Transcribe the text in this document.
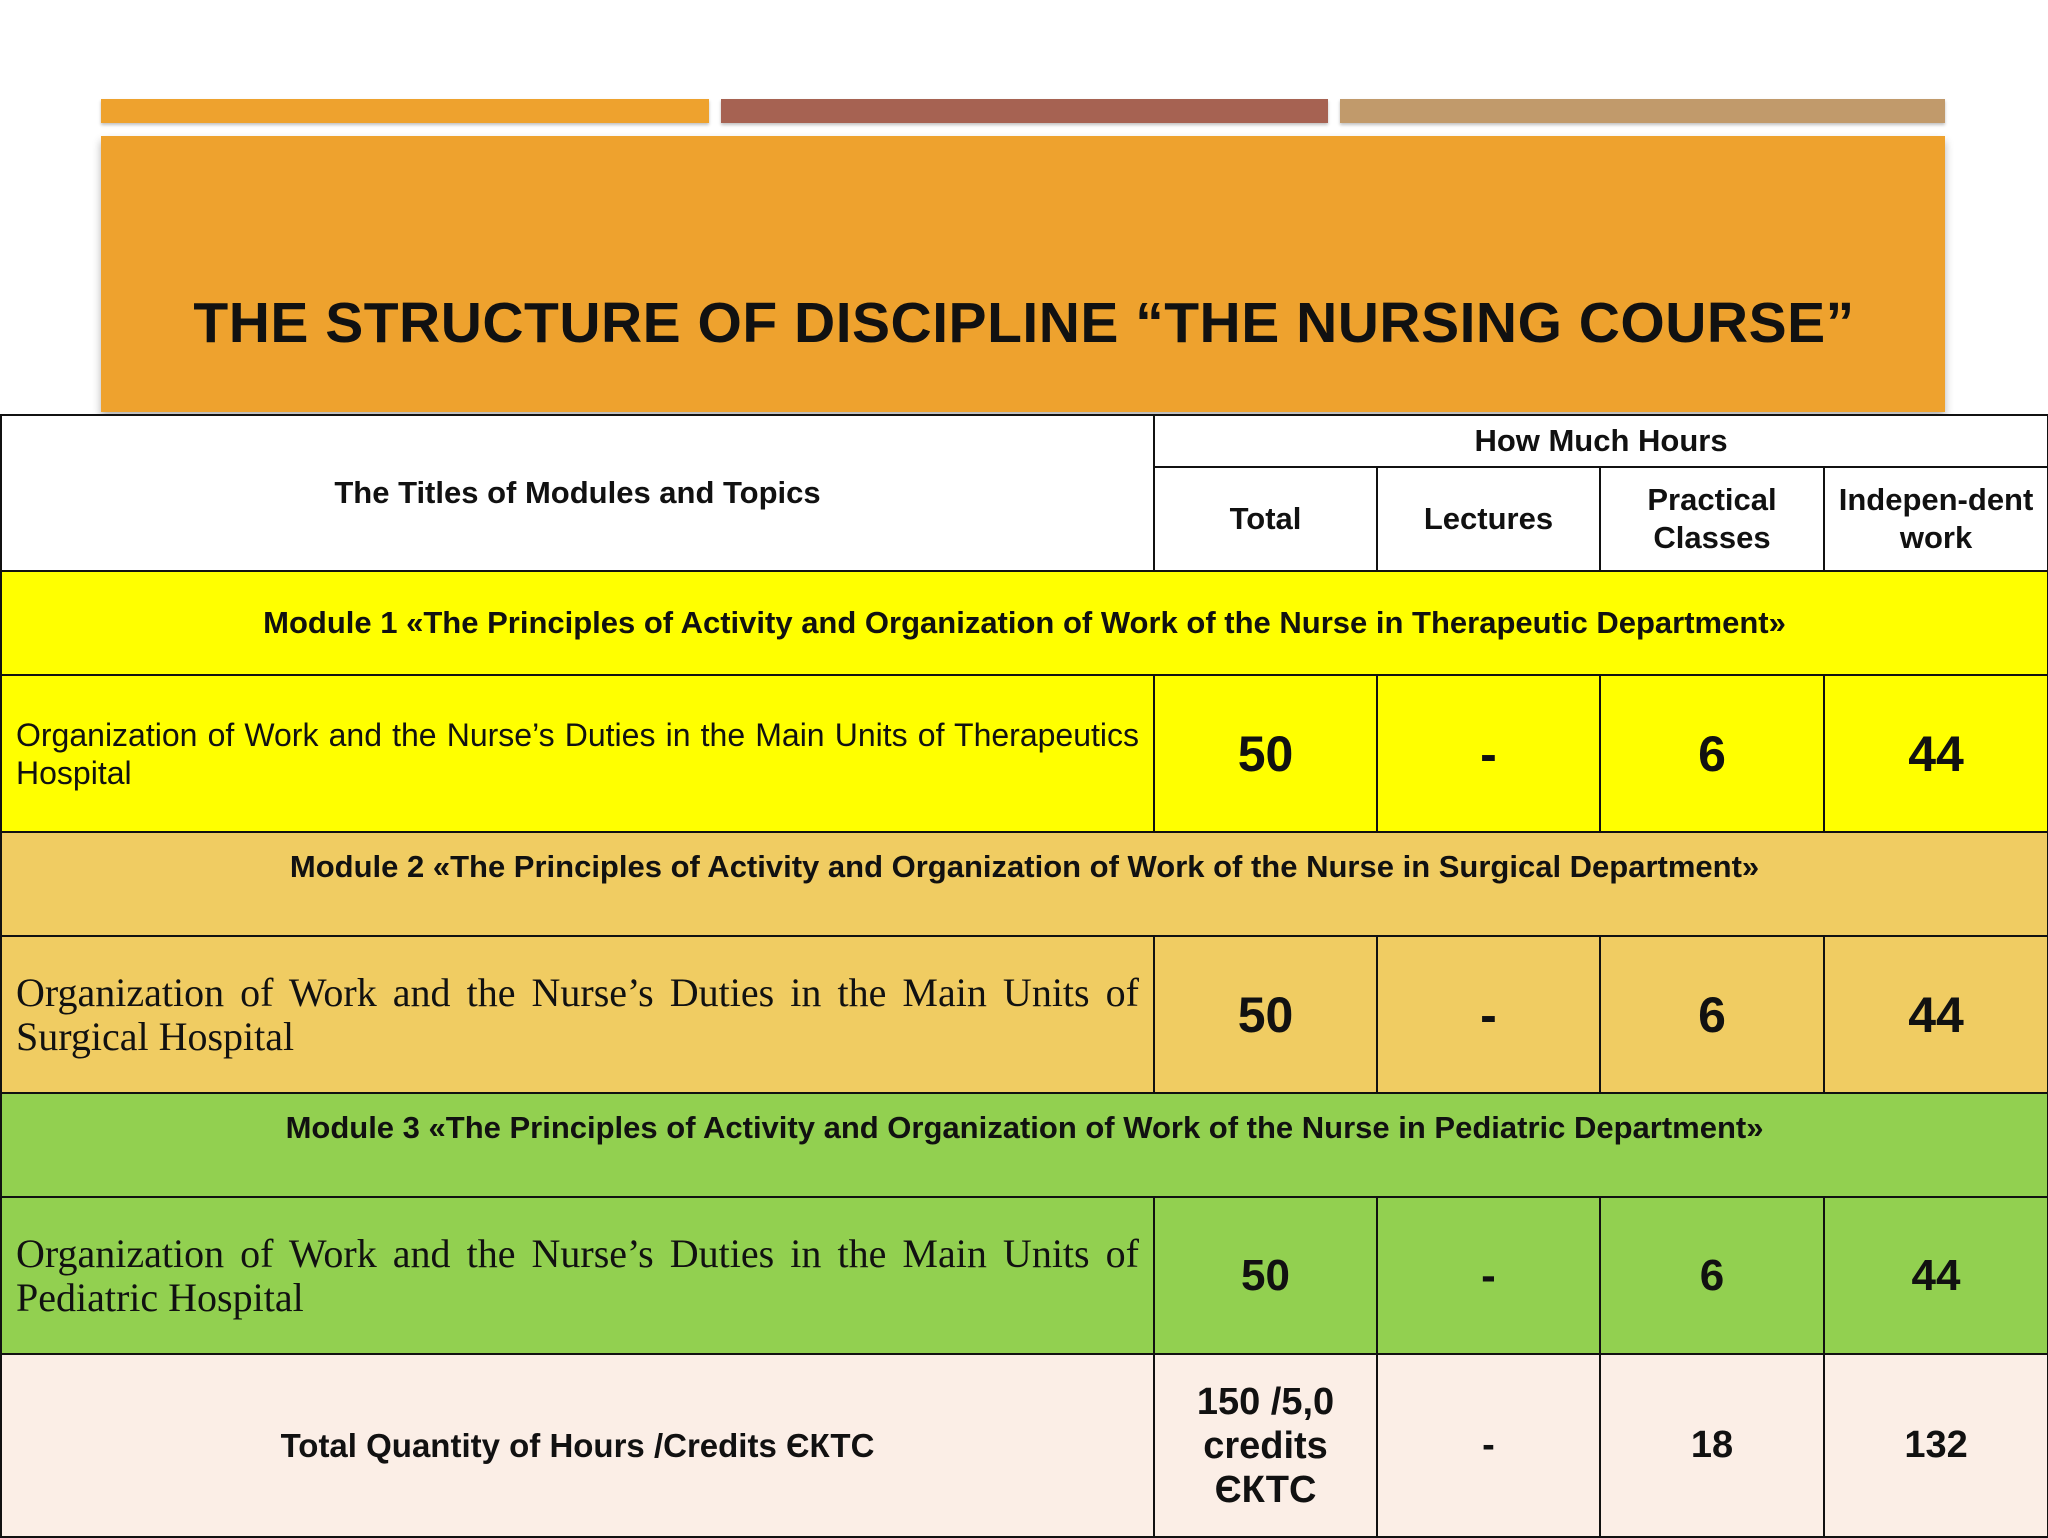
THE STRUCTURE OF DISCIPLINE “THE NURSING COURSE”
The Titles of Modules and Topics	How Much Hours			
	Total	Lectures	Practical Classes	Indepen-dent work
Module 1 «The Principles of Activity and Organization of Work of the Nurse in Therapeutic Department»				
Organization of Work and the Nurse’s Duties in the Main Units of Therapeutics Hospital	50	-	6	44
Module 2 «The Principles of Activity and Organization of Work of the Nurse in Surgical Department»				
Organization of Work and the Nurse’s Duties in the Main Units of Surgical Hospital	50	-	6	44
Module 3 «The Principles of Activity and Organization of Work of the Nurse in Pediatric Department»				
Organization of Work and the Nurse’s Duties in the Main Units of Pediatric Hospital	50	-	6	44
Total Quantity of Hours /Credits ЄКТС	150 /5,0 credits ЄКТС	-	18	132
